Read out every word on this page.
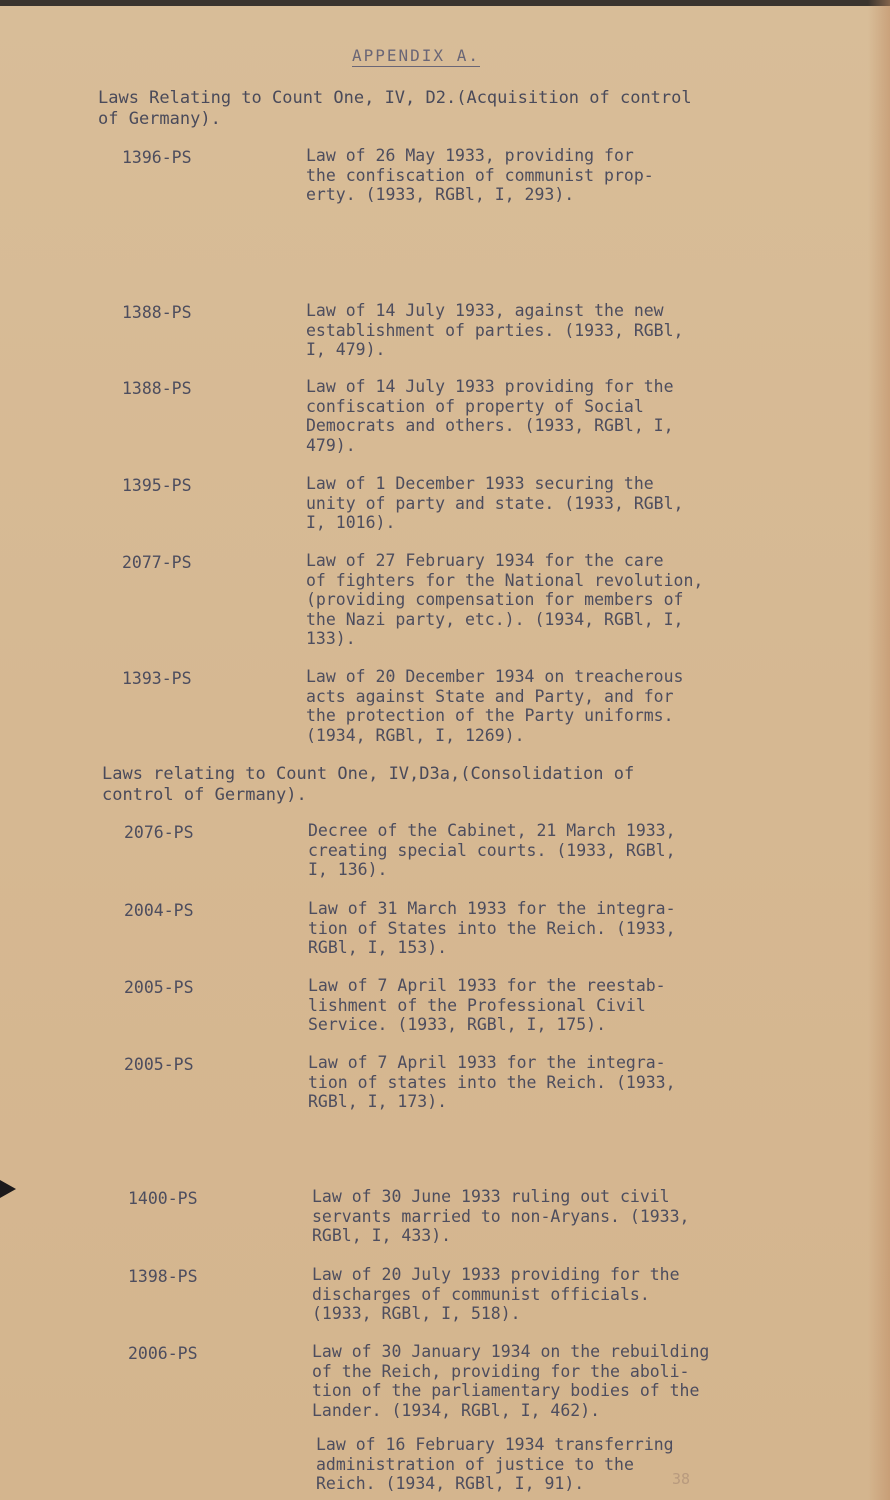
APPENDIX A.
Laws Relating to Count One, IV, D2.(Acquisition of control
of Germany).
1396-PS	Law of 26 May 1933, providing for
the confiscation of communist prop-
erty. (1933, RGBl, I, 293).
1388-PS	Law of 14 July 1933, against the new
establishment of parties. (1933, RGBl,
I, 479).
1388-PS	Law of 14 July 1933 providing for the
confiscation of property of Social
Democrats and others. (1933, RGBl, I,
479).
1395-PS	Law of 1 December 1933 securing the
unity of party and state. (1933, RGBl,
I, 1016).
2077-PS	Law of 27 February 1934 for the care
of fighters for the National revolution,
(providing compensation for members of
the Nazi party, etc.). (1934, RGBl, I,
133).
1393-PS	Law of 20 December 1934 on treacherous
acts against State and Party, and for
the protection of the Party uniforms.
(1934, RGBl, I, 1269).
Laws relating to Count One, IV,D3a,(Consolidation of
control of Germany).
2076-PS	Decree of the Cabinet, 21 March 1933,
creating special courts. (1933, RGBl,
I, 136).
2004-PS	Law of 31 March 1933 for the integra-
tion of States into the Reich. (1933,
RGBl, I, 153).
2005-PS	Law of 7 April 1933 for the reestab-
lishment of the Professional Civil
Service. (1933, RGBl, I, 175).
2005-PS	Law of 7 April 1933 for the integra-
tion of states into the Reich. (1933,
RGBl, I, 173).
1400-PS	Law of 30 June 1933 ruling out civil
servants married to non-Aryans. (1933,
RGBl, I, 433).
1398-PS	Law of 20 July 1933 providing for the
discharges of communist officials.
(1933, RGBl, I, 518).
2006-PS	Law of 30 January 1934 on the rebuilding
of the Reich, providing for the aboli-
tion of the parliamentary bodies of the
Lander. (1934, RGBl, I, 462).
Law of 16 February 1934 transferring
administration of justice to the
Reich. (1934, RGBl, I, 91).	38
